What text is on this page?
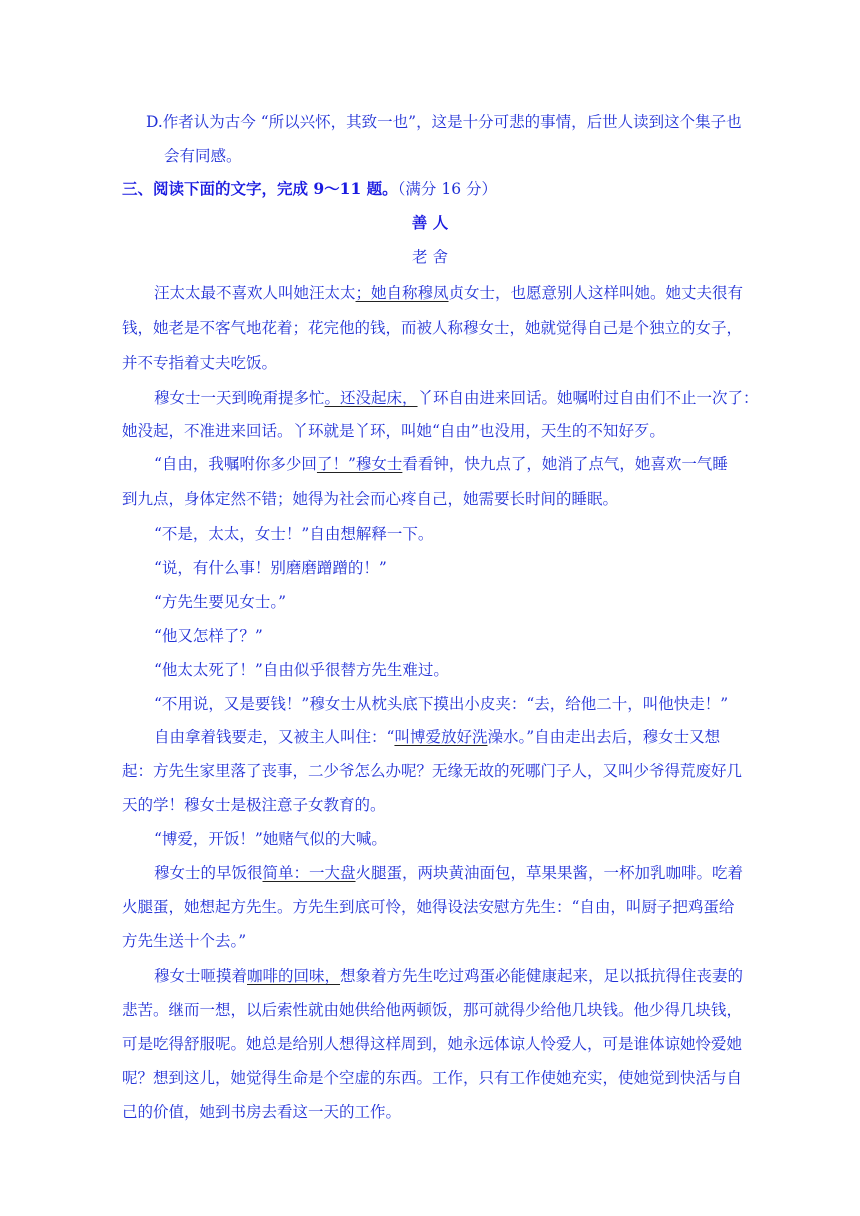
D.作者认为古今 “所以兴怀，其致一也”，这是十分可悲的事情，后世人读到这个集子也
会有同感。
三、阅读下面的文字，完成 9～11 题。（满分 16 分）
善 人
老 舍
汪太太最不喜欢人叫她汪太太；她自称穆凤贞女士，也愿意别人这样叫她。她丈夫很有
钱，她老是不客气地花着；花完他的钱，而被人称穆女士，她就觉得自己是个独立的女子，
并不专指着丈夫吃饭。
穆女士一天到晚甭提多忙。还没起床，丫环自由进来回话。她嘱咐过自由们不止一次了：
她没起，不准进来回话。丫环就是丫环，叫她“自由”也没用，天生的不知好歹。
“自由，我嘱咐你多少回了！”穆女士看看钟，快九点了，她消了点气，她喜欢一气睡
到九点，身体定然不错；她得为社会而心疼自己，她需要长时间的睡眠。
“不是，太太，女士！”自由想解释一下。
“说，有什么事！别磨磨蹭蹭的！”
“方先生要见女士。”
“他又怎样了？”
“他太太死了！”自由似乎很替方先生难过。
“不用说，又是要钱！”穆女士从枕头底下摸出小皮夹：“去，给他二十，叫他快走！”
自由拿着钱要走，又被主人叫住：“叫博爱放好洗澡水。”自由走出去后，穆女士又想
起：方先生家里落了丧事，二少爷怎么办呢？无缘无故的死哪门子人，又叫少爷得荒废好几
天的学！穆女士是极注意子女教育的。
“博爱，开饭！”她赌气似的大喊。
穆女士的早饭很简单：一大盘火腿蛋，两块黄油面包，草果果酱，一杯加乳咖啡。吃着
火腿蛋，她想起方先生。方先生到底可怜，她得设法安慰方先生：“自由，叫厨子把鸡蛋给
方先生送十个去。”
穆女士咂摸着咖啡的回味，想象着方先生吃过鸡蛋必能健康起来，足以抵抗得住丧妻的
悲苦。继而一想，以后索性就由她供给他两顿饭，那可就得少给他几块钱。他少得几块钱，
可是吃得舒服呢。她总是给别人想得这样周到，她永远体谅人怜爱人，可是谁体谅她怜爱她
呢？想到这儿，她觉得生命是个空虚的东西。工作，只有工作使她充实，使她觉到快活与自
己的价值，她到书房去看这一天的工作。
